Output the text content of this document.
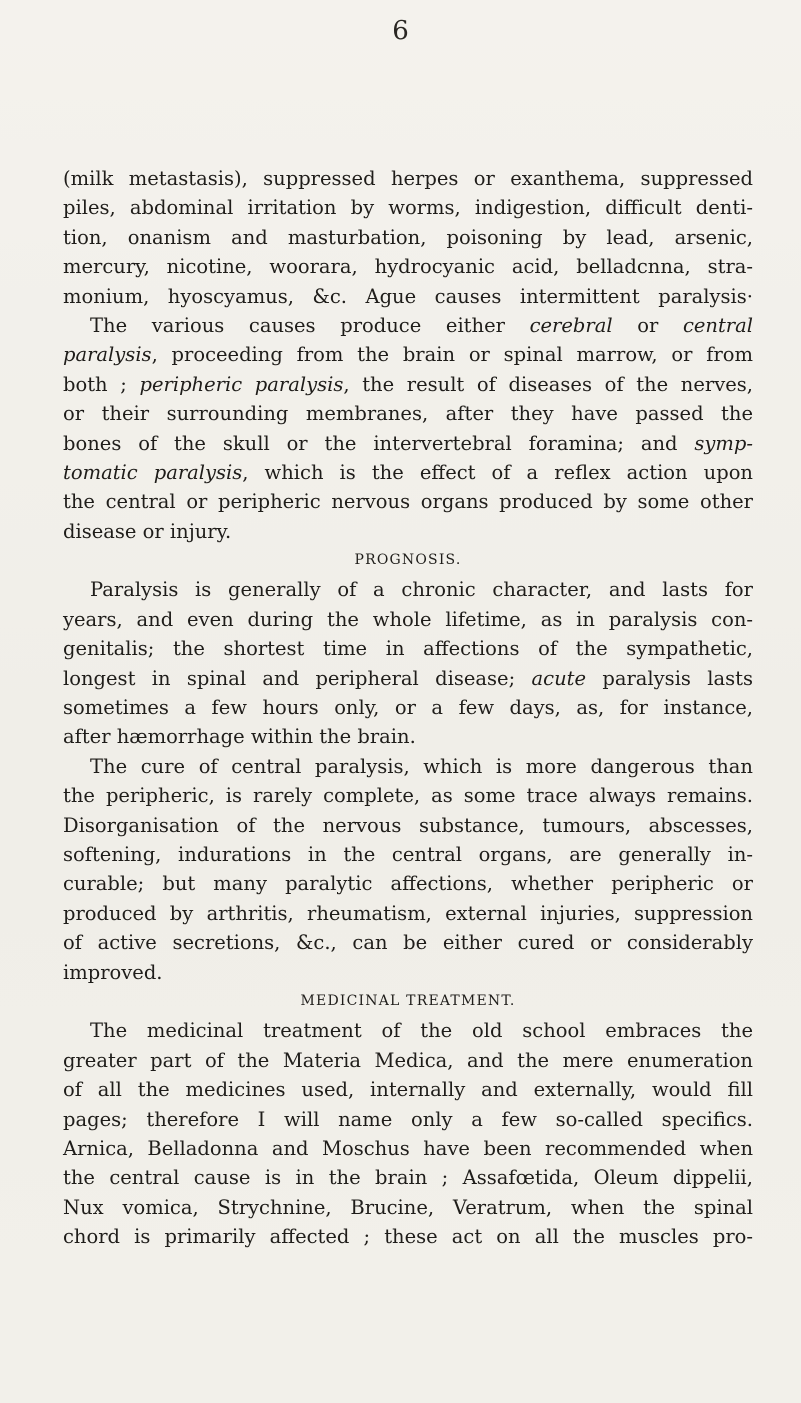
6
(milk metastasis), suppressed herpes or exanthema, suppressed
piles, abdominal irritation by worms, indigestion, difficult denti-
tion, onanism and masturbation, poisoning by lead, arsenic,
mercury, nicotine, woorara, hydrocyanic acid, belladcnna, stra-
monium, hyoscyamus, &c. Ague causes intermittent paralysis·
The various causes produce either cerebral or central
paralysis, proceeding from the brain or spinal marrow, or from
both ; peripheric paralysis, the result of diseases of the nerves,
or their surrounding membranes, after they have passed the
bones of the skull or the intervertebral foramina; and symp-
tomatic paralysis, which is the effect of a reflex action upon
the central or peripheric nervous organs produced by some other
disease or injury.
PROGNOSIS.
Paralysis is generally of a chronic character, and lasts for
years, and even during the whole lifetime, as in paralysis con-
genitalis; the shortest time in affections of the sympathetic,
longest in spinal and peripheral disease; acute paralysis lasts
sometimes a few hours only, or a few days, as, for instance,
after hæmorrhage within the brain.
The cure of central paralysis, which is more dangerous than
the peripheric, is rarely complete, as some trace always remains.
Disorganisation of the nervous substance, tumours, abscesses,
softening, indurations in the central organs, are generally in-
curable; but many paralytic affections, whether peripheric or
produced by arthritis, rheumatism, external injuries, suppression
of active secretions, &c., can be either cured or considerably
improved.
MEDICINAL TREATMENT.
The medicinal treatment of the old school embraces the
greater part of the Materia Medica, and the mere enumeration
of all the medicines used, internally and externally, would fill
pages; therefore I will name only a few so-called specifics.
Arnica, Belladonna and Moschus have been recommended when
the central cause is in the brain ; Assafœtida, Oleum dippelii,
Nux vomica, Strychnine, Brucine, Veratrum, when the spinal
chord is primarily affected ; these act on all the muscles pro-
